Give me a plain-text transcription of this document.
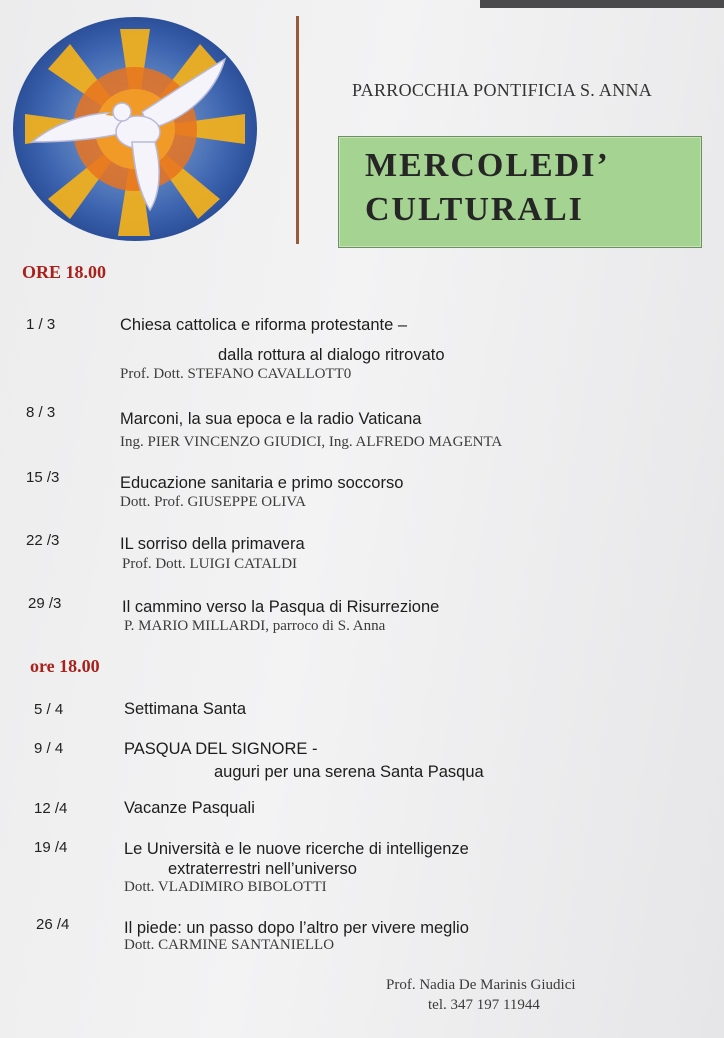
PARROCCHIA PONTIFICIA S. ANNA
MERCOLEDI’
CULTURALI
ORE 18.00
1 / 3	Chiesa cattolica e riforma protestante –
dalla rottura al dialogo ritrovato
Prof. Dott. STEFANO CAVALLOTT0
8 / 3	Marconi, la sua epoca e la radio Vaticana
Ing. PIER VINCENZO GIUDICI, Ing. ALFREDO MAGENTA
15 /3	Educazione sanitaria e primo soccorso
Dott. Prof. GIUSEPPE OLIVA
22 /3	IL sorriso della primavera
Prof. Dott. LUIGI CATALDI
29 /3	Il cammino verso la Pasqua di Risurrezione
P. MARIO MILLARDI, parroco di S. Anna
ore 18.00
5 / 4	Settimana Santa
9 / 4	PASQUA DEL SIGNORE -
auguri per una serena Santa Pasqua
12 /4	Vacanze Pasquali
19 /4	Le Università e le nuove ricerche di intelligenze
extraterrestri nell’universo
Dott. VLADIMIRO BIBOLOTTI
26 /4	Il piede: un passo dopo l’altro per vivere meglio
Dott. CARMINE SANTANIELLO
Prof. Nadia De Marinis Giudici
tel. 347 197 11944
